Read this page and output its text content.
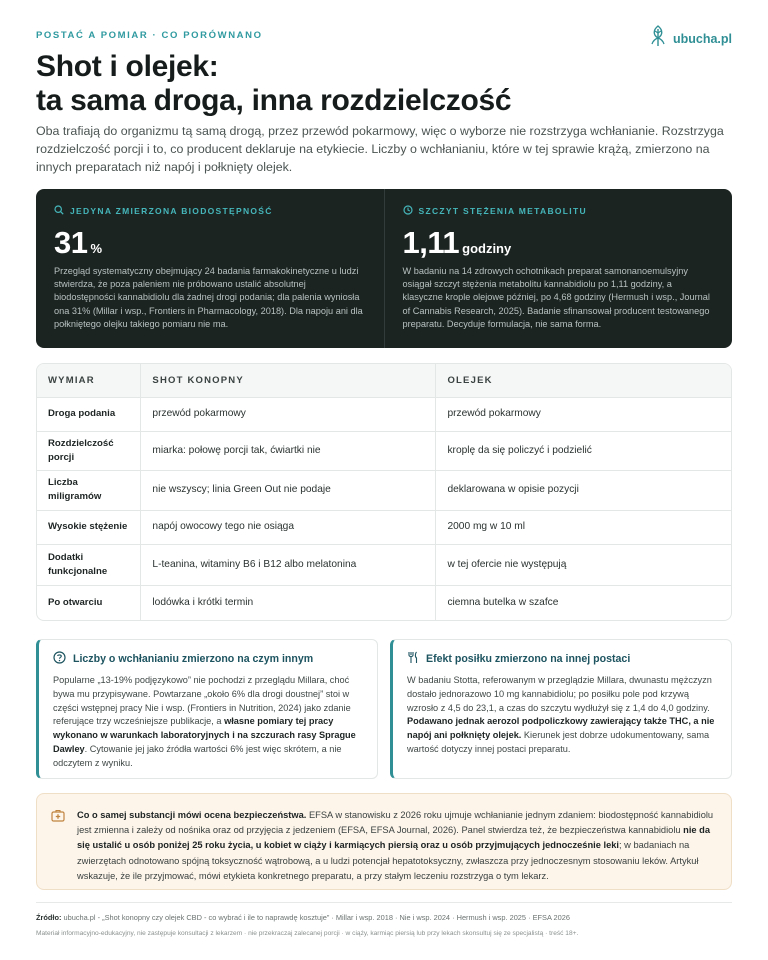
POSTAĆ A POMIAR · CO PORÓWNANO	ubucha.pl
Shot i olejek:
ta sama droga, inna rozdzielczość

Oba trafiają do organizmu tą samą drogą, przez przewód pokarmowy, więc o wyborze nie rozstrzyga wchłanianie. Rozstrzyga rozdzielczość porcji i to, co producent deklaruje na etykiecie. Liczby o wchłanianiu, które w tej sprawie krążą, zmierzono na innych preparatach niż napój i połknięty olejek.

JEDYNA ZMIERZONA BIODOSTĘPNOŚĆ
31 %

Przegląd systematyczny obejmujący 24 badania farmakokinetyczne u ludzi stwierdza, że poza paleniem nie próbowano ustalić absolutnej biodostępności kannabidiolu dla żadnej drogi podania; dla palenia wyniosła ona 31% (Millar i wsp., Frontiers in Pharmacology, 2018). Dla napoju ani dla połkniętego olejku takiego pomiaru nie ma.

SZCZYT STĘŻENIA METABOLITU
1,11 godziny

W badaniu na 14 zdrowych ochotnikach preparat samonanoemulsyjny osiągał szczyt stężenia metabolitu kannabidiolu po 1,11 godziny, a klasyczne krople olejowe później, po 4,68 godziny (Hermush i wsp., Journal of Cannabis Research, 2025). Badanie sfinansował producent testowanego preparatu. Decyduje formulacja, nie sama forma.

WYMIAR	SHOT KONOPNY	OLEJEK
Droga podania	przewód pokarmowy	przewód pokarmowy
Rozdzielczość porcji	miarka: połowę porcji tak, ćwiartki nie	kroplę da się policzyć i podzielić
Liczba miligramów	nie wszyscy; linia Green Out nie podaje	deklarowana w opisie pozycji
Wysokie stężenie	napój owocowy tego nie osiąga	2000 mg w 10 ml
Dodatki funkcjonalne	L-teanina, witaminy B6 i B12 albo melatonina	w tej ofercie nie występują
Po otwarciu	lodówka i krótki termin	ciemna butelka w szafce
Liczby o wchłanianiu zmierzono na czym innym

Popularne „13-19% podjęzykowo” nie pochodzi z przeglądu Millara, choć bywa mu przypisywane. Powtarzane „około 6% dla drogi doustnej” stoi w części wstępnej pracy Nie i wsp. (Frontiers in Nutrition, 2024) jako zdanie referujące trzy wcześniejsze publikacje, a własne pomiary tej pracy wykonano w warunkach laboratoryjnych i na szczurach rasy Sprague Dawley. Cytowanie jej jako źródła wartości 6% jest więc skrótem, a nie odczytem z wyniku.

Efekt posiłku zmierzono na innej postaci

W badaniu Stotta, referowanym w przeglądzie Millara, dwunastu mężczyzn dostało jednorazowo 10 mg kannabidiolu; po posiłku pole pod krzywą wzrosło z 4,5 do 23,1, a czas do szczytu wydłużył się z 1,4 do 4,0 godziny. Podawano jednak aerozol podpoliczkowy zawierający także THC, a nie napój ani połknięty olejek. Kierunek jest dobrze udokumentowany, sama wartość dotyczy innej postaci preparatu.

Co o samej substancji mówi ocena bezpieczeństwa. EFSA w stanowisku z 2026 roku ujmuje wchłanianie jednym zdaniem: biodostępność kannabidiolu jest zmienna i zależy od nośnika oraz od przyjęcia z jedzeniem (EFSA, EFSA Journal, 2026). Panel stwierdza też, że bezpieczeństwa kannabidiolu nie da się ustalić u osób poniżej 25 roku życia, u kobiet w ciąży i karmiących piersią oraz u osób przyjmujących jednocześnie leki; w badaniach na zwierzętach odnotowano spójną toksyczność wątrobową, a u ludzi potencjał hepatotoksyczny, zwłaszcza przy jednoczesnym stosowaniu leków. Artykuł wskazuje, że ile przyjmować, mówi etykieta konkretnego preparatu, a przy stałym leczeniu rozstrzyga o tym lekarz.

Źródło: ubucha.pl - „Shot konopny czy olejek CBD - co wybrać i ile to naprawdę kosztuje” · Millar i wsp. 2018 · Nie i wsp. 2024 · Hermush i wsp. 2025 · EFSA 2026

Materiał informacyjno-edukacyjny, nie zastępuje konsultacji z lekarzem · nie przekraczaj zalecanej porcji · w ciąży, karmiąc piersią lub przy lekach skonsultuj się ze specjalistą · treść 18+.
